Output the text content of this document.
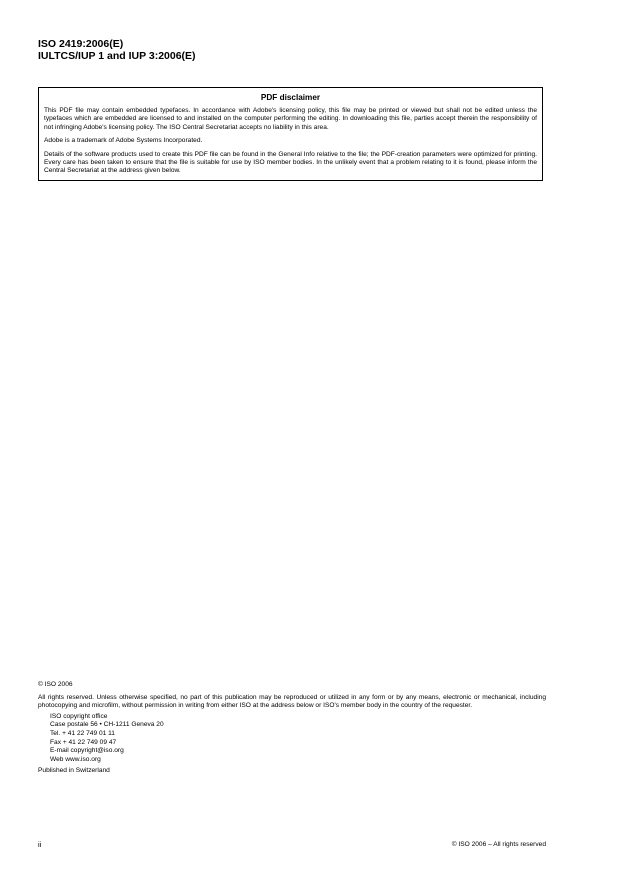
ISO 2419:2006(E)
IULTCS/IUP 1 and IUP 3:2006(E)
PDF disclaimer

This PDF file may contain embedded typefaces. In accordance with Adobe's licensing policy, this file may be printed or viewed but shall not be edited unless the typefaces which are embedded are licensed to and installed on the computer performing the editing. In downloading this file, parties accept therein the responsibility of not infringing Adobe's licensing policy. The ISO Central Secretariat accepts no liability in this area.

Adobe is a trademark of Adobe Systems Incorporated.

Details of the software products used to create this PDF file can be found in the General Info relative to the file; the PDF-creation parameters were optimized for printing. Every care has been taken to ensure that the file is suitable for use by ISO member bodies. In the unlikely event that a problem relating to it is found, please inform the Central Secretariat at the address given below.

© ISO 2006
All rights reserved. Unless otherwise specified, no part of this publication may be reproduced or utilized in any form or by any means, electronic or mechanical, including photocopying and microfilm, without permission in writing from either ISO at the address below or ISO's member body in the country of the requester.
ISO copyright office
Case postale 56 • CH-1211 Geneva 20
Tel. + 41 22 749 01 11
Fax + 41 22 749 09 47
E-mail copyright@iso.org
Web www.iso.org
Published in Switzerland
ii	© ISO 2006 – All rights reserved
